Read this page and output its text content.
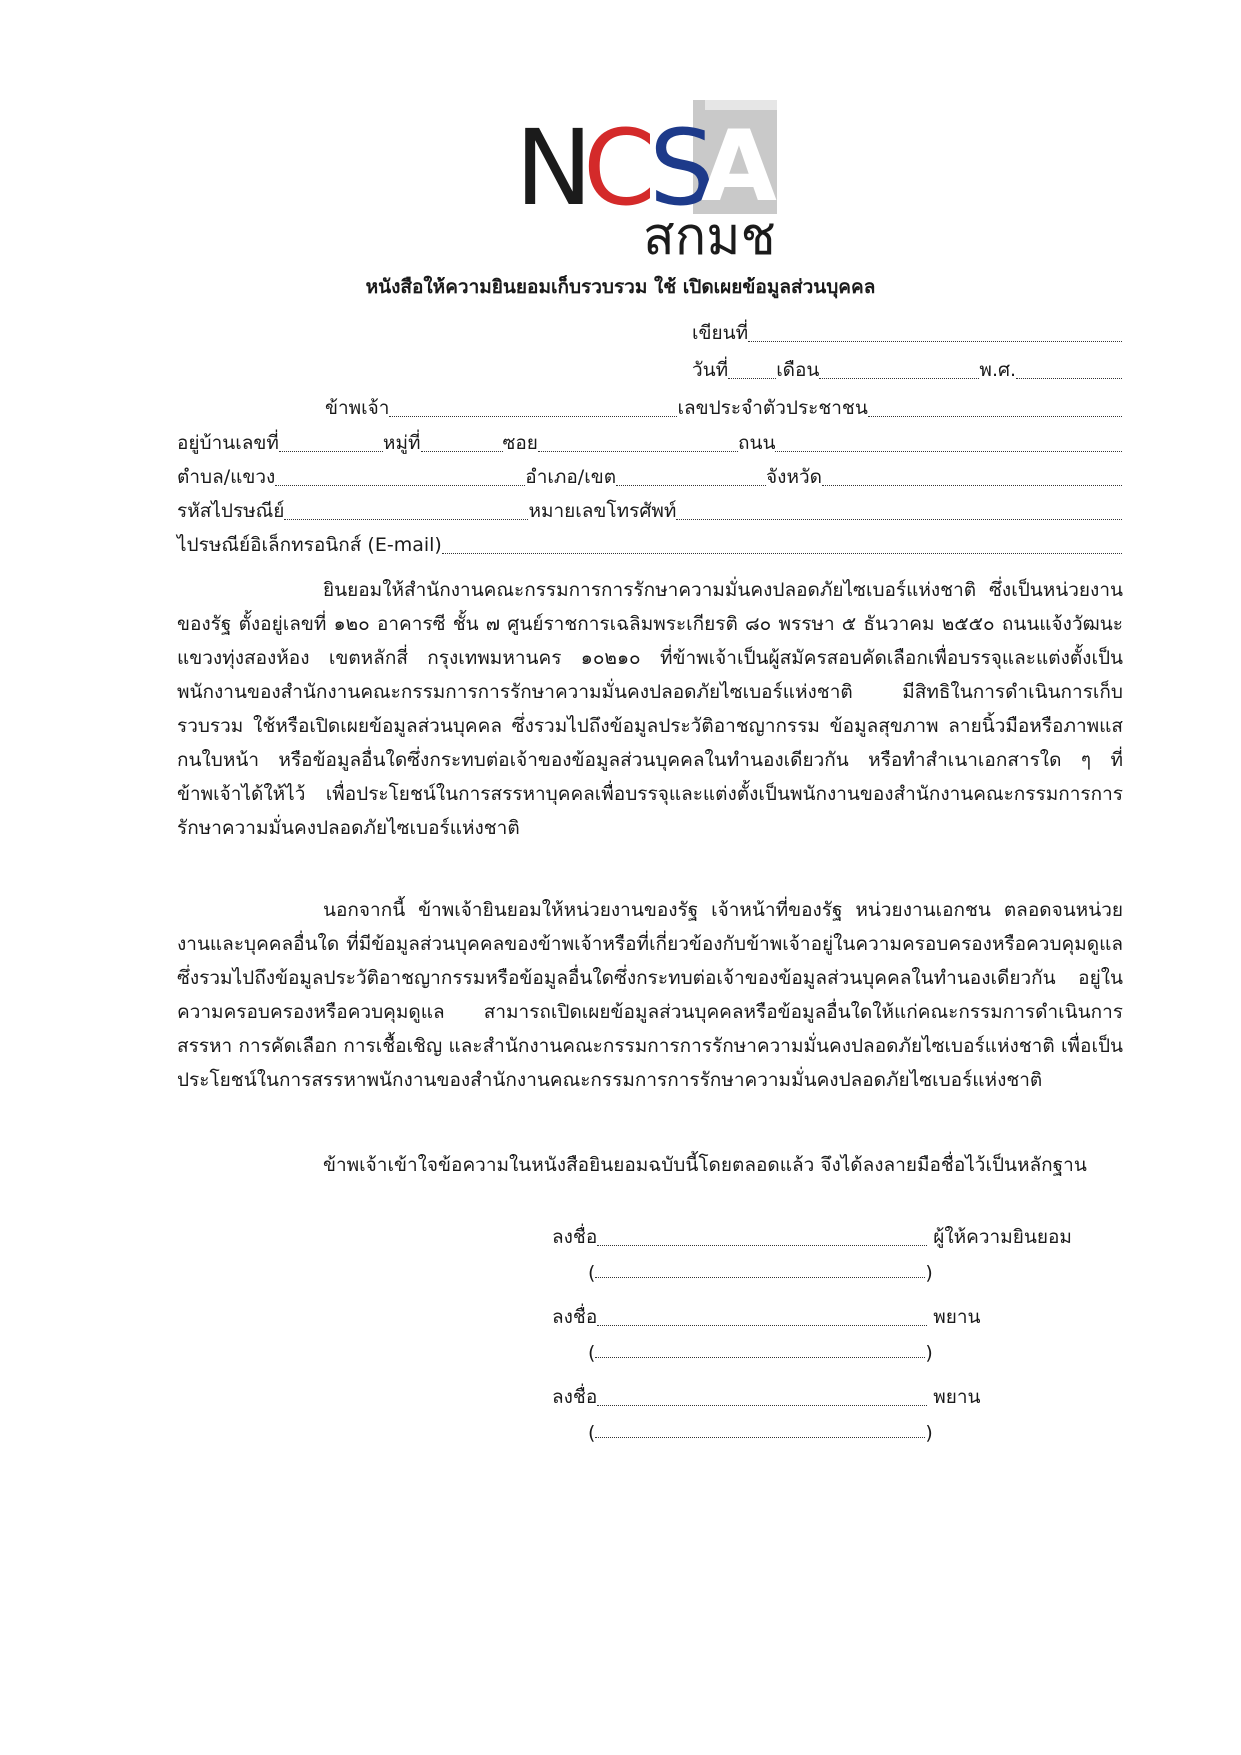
N
C
S
A
สกมช
หนังสือให้ความยินยอมเก็บรวบรวม ใช้ เปิดเผยข้อมูลส่วนบุคคล
เขียนที่
วันที่	เดือน	พ.ศ.
ข้าพเจ้า	เลขประจำตัวประชาชน
อยู่บ้านเลขที่	หมู่ที่	ซอย	ถนน
ตำบล/แขวง	อำเภอ/เขต	จังหวัด
รหัสไปรษณีย์	หมายเลขโทรศัพท์
ไปรษณีย์อิเล็กทรอนิกส์ (E-mail)

ยินยอมให้สำนักงานคณะกรรมการการรักษาความมั่นคงปลอดภัยไซเบอร์แห่งชาติ ซึ่งเป็นหน่วยงานของรัฐ ตั้งอยู่เลขที่ ๑๒๐ อาคารซี ชั้น ๗ ศูนย์ราชการเฉลิมพระเกียรติ ๘๐ พรรษา ๕ ธันวาคม ๒๕๕๐ ถนนแจ้งวัฒนะ แขวงทุ่งสองห้อง เขตหลักสี่ กรุงเทพมหานคร ๑๐๒๑๐ ที่ข้าพเจ้าเป็นผู้สมัครสอบคัดเลือกเพื่อบรรจุและแต่งตั้งเป็นพนักงานของสำนักงานคณะกรรมการการรักษาความมั่นคงปลอดภัยไซเบอร์แห่งชาติ มีสิทธิในการดำเนินการเก็บรวบรวม ใช้หรือเปิดเผยข้อมูลส่วนบุคคล ซึ่งรวมไปถึงข้อมูลประวัติอาชญากรรม ข้อมูลสุขภาพ ลายนิ้วมือหรือภาพแสกนใบหน้า หรือข้อมูลอื่นใดซึ่งกระทบต่อเจ้าของข้อมูลส่วนบุคคลในทำนองเดียวกัน หรือทำสำเนาเอกสารใด ๆ ที่ข้าพเจ้าได้ให้ไว้ เพื่อประโยชน์ในการสรรหาบุคคลเพื่อบรรจุและแต่งตั้งเป็นพนักงานของสำนักงานคณะกรรมการการรักษาความมั่นคงปลอดภัยไซเบอร์แห่งชาติ

นอกจากนี้ ข้าพเจ้ายินยอมให้หน่วยงานของรัฐ เจ้าหน้าที่ของรัฐ หน่วยงานเอกชน ตลอดจนหน่วยงานและบุคคลอื่นใด ที่มีข้อมูลส่วนบุคคลของข้าพเจ้าหรือที่เกี่ยวข้องกับข้าพเจ้าอยู่ในความครอบครองหรือควบคุมดูแล ซึ่งรวมไปถึงข้อมูลประวัติอาชญากรรมหรือข้อมูลอื่นใดซึ่งกระทบต่อเจ้าของข้อมูลส่วนบุคคลในทำนองเดียวกัน อยู่ในความครอบครองหรือควบคุมดูแล สามารถเปิดเผยข้อมูลส่วนบุคคลหรือข้อมูลอื่นใดให้แก่คณะกรรมการดำเนินการสรรหา การคัดเลือก การเชื้อเชิญ และสำนักงานคณะกรรมการการรักษาความมั่นคงปลอดภัยไซเบอร์แห่งชาติ เพื่อเป็นประโยชน์ในการสรรหาพนักงานของสำนักงานคณะกรรมการการรักษาความมั่นคงปลอดภัยไซเบอร์แห่งชาติ

ข้าพเจ้าเข้าใจข้อความในหนังสือยินยอมฉบับนี้โดยตลอดแล้ว จึงได้ลงลายมือชื่อไว้เป็นหลักฐาน

ลงชื่อ	ผู้ให้ความยินยอม
(	)
ลงชื่อ	พยาน
(	)
ลงชื่อ	พยาน
(	)
